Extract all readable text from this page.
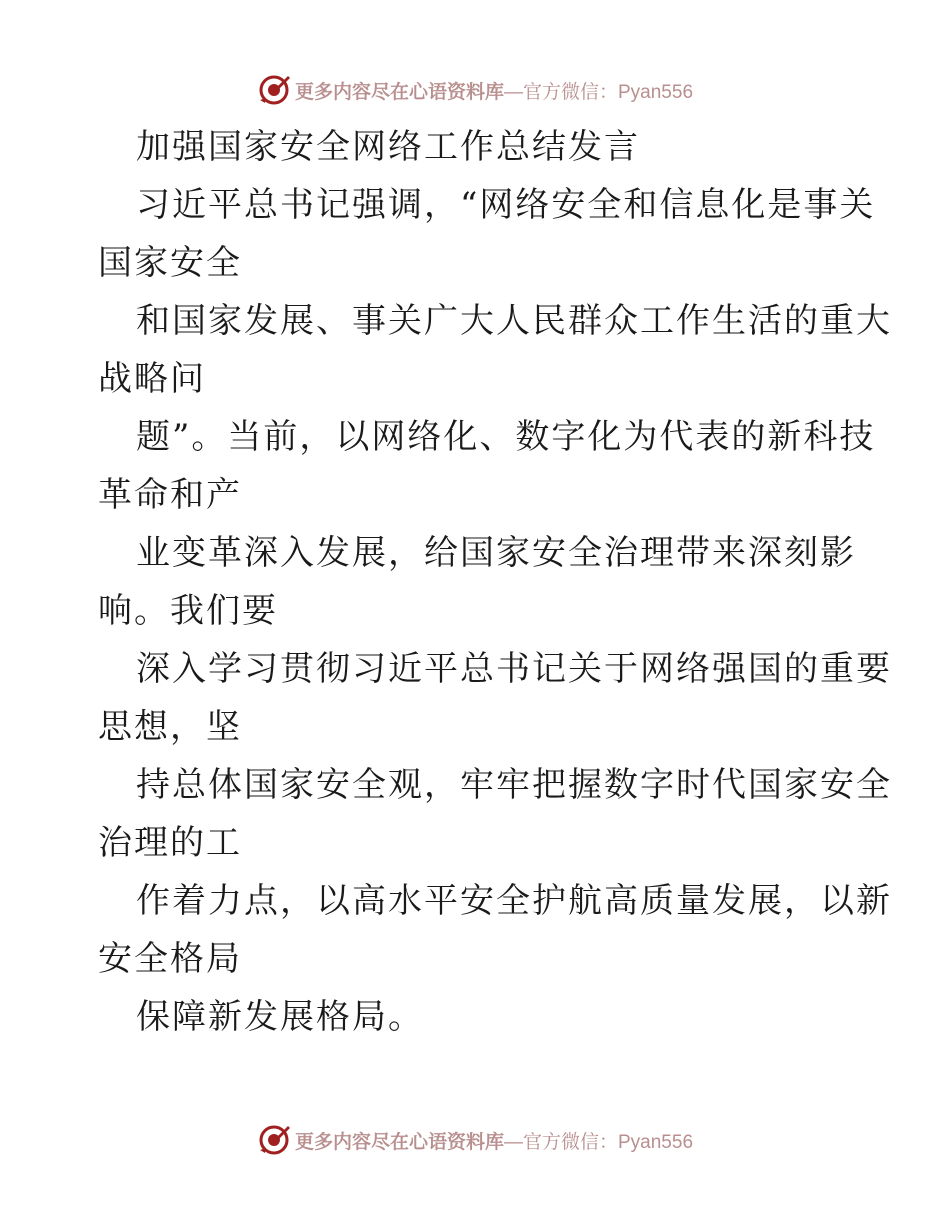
更多内容尽在心语资料库 —官方微信：Pyan556
加强国家安全网络工作总结发言
习近平总书记强调，“网络安全和信息化是事关
国家安全
和国家发展、事关广大人民群众工作生活的重大
战略问
题”。当前，以网络化、数字化为代表的新科技
革命和产
业变革深入发展，给国家安全治理带来深刻影
响。我们要
深入学习贯彻习近平总书记关于网络强国的重要
思想，坚
持总体国家安全观，牢牢把握数字时代国家安全
治理的工
作着力点，以高水平安全护航高质量发展，以新
安全格局
保障新发展格局。
更多内容尽在心语资料库 —官方微信：Pyan556
